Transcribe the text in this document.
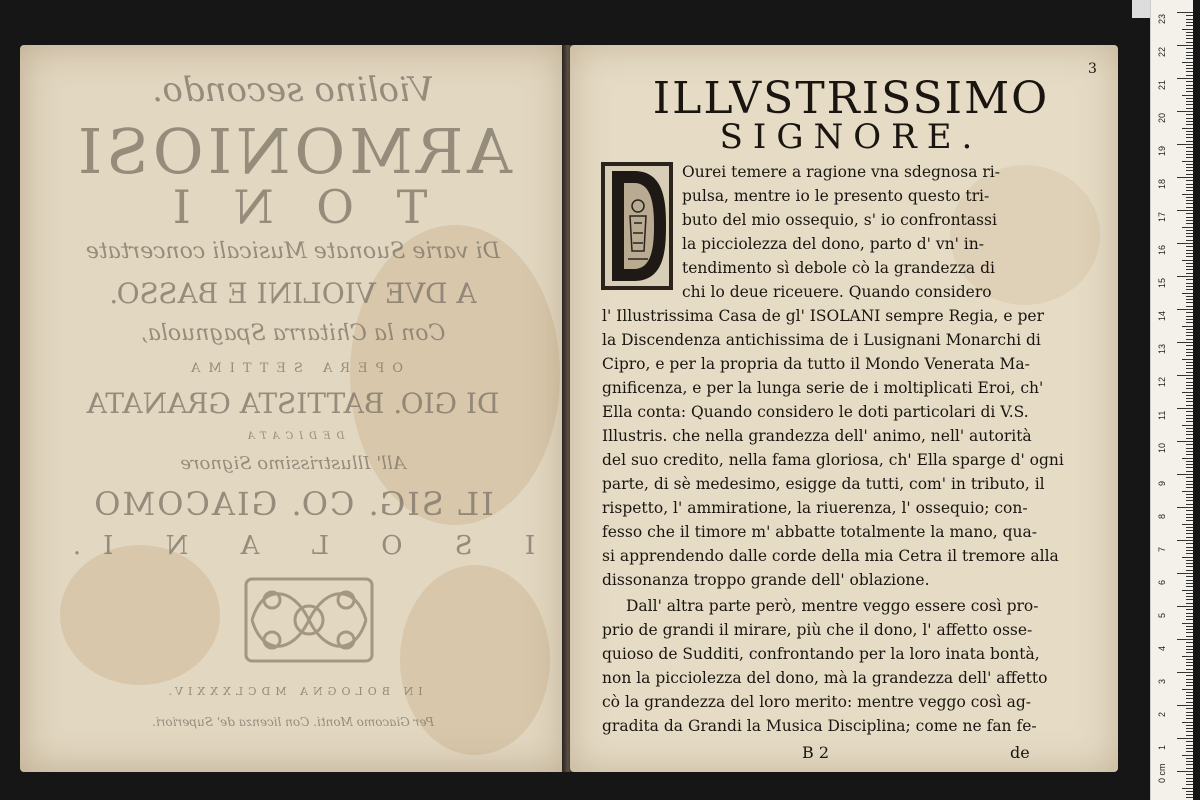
Violino secondo.
ARMONIOSI
T O N I
Di varie Suonate Musicali concertate
A DVE VIOLINI E BASSO.
Con la Chitarra Spagnuola,
OPERA SETTIMA
DI GIO. BATTISTA GRANATA
DEDICATA
All' Illustrissimo Signore
IL SIG. CO. GIACOMO
I S O L A N I.
IN BOLOGNA MDCLXXXIV.
Per Giacomo Monti. Con licenza de' Superiori.
3
ILLVSTRISSIMO
SIGNORE.
Ourei temere a ragione vna sdegnosa ri-
pulsa, mentre io le presento questo tri-
buto del mio ossequio, s' io confrontassi
la picciolezza del dono, parto d' vn' in-
tendimento sì debole cò la grandezza di
chi lo deue riceuere. Quando considero
l' Illustrissima Casa de gl' ISOLANI sempre Regia, e per
la Discendenza antichissima de i Lusignani Monarchi di
Cipro, e per la propria da tutto il Mondo Venerata Ma-
gnificenza, e per la lunga serie de i moltiplicati Eroi, ch'
Ella conta: Quando considero le doti particolari di V.S.
Illustris. che nella grandezza dell' animo, nell' autorità
del suo credito, nella fama gloriosa, ch' Ella sparge d' ogni
parte, di sè medesimo, esigge da tutti, com' in tributo, il
rispetto, l' ammiratione, la riuerenza, l' ossequio; con-
fesso che il timore m' abbatte totalmente la mano, qua-
si apprendendo dalle corde della mia Cetra il tremore alla
dissonanza troppo grande dell' oblazione.
Dall' altra parte però, mentre veggo essere così pro-
prio de grandi il mirare, più che il dono, l' affetto osse-
quioso de Sudditi, confrontando per la loro inata bontà,
non la picciolezza del dono, mà la grandezza dell' affetto
cò la grandezza del loro merito: mentre veggo così ag-
gradita da Grandi la Musica Disciplina; come ne fan fe-
B 2	de
D
23
22
21
20
19
18
17
16
15
14
13
12
11
10
9
8
7
6
5
4
3
2
1
0 cm
